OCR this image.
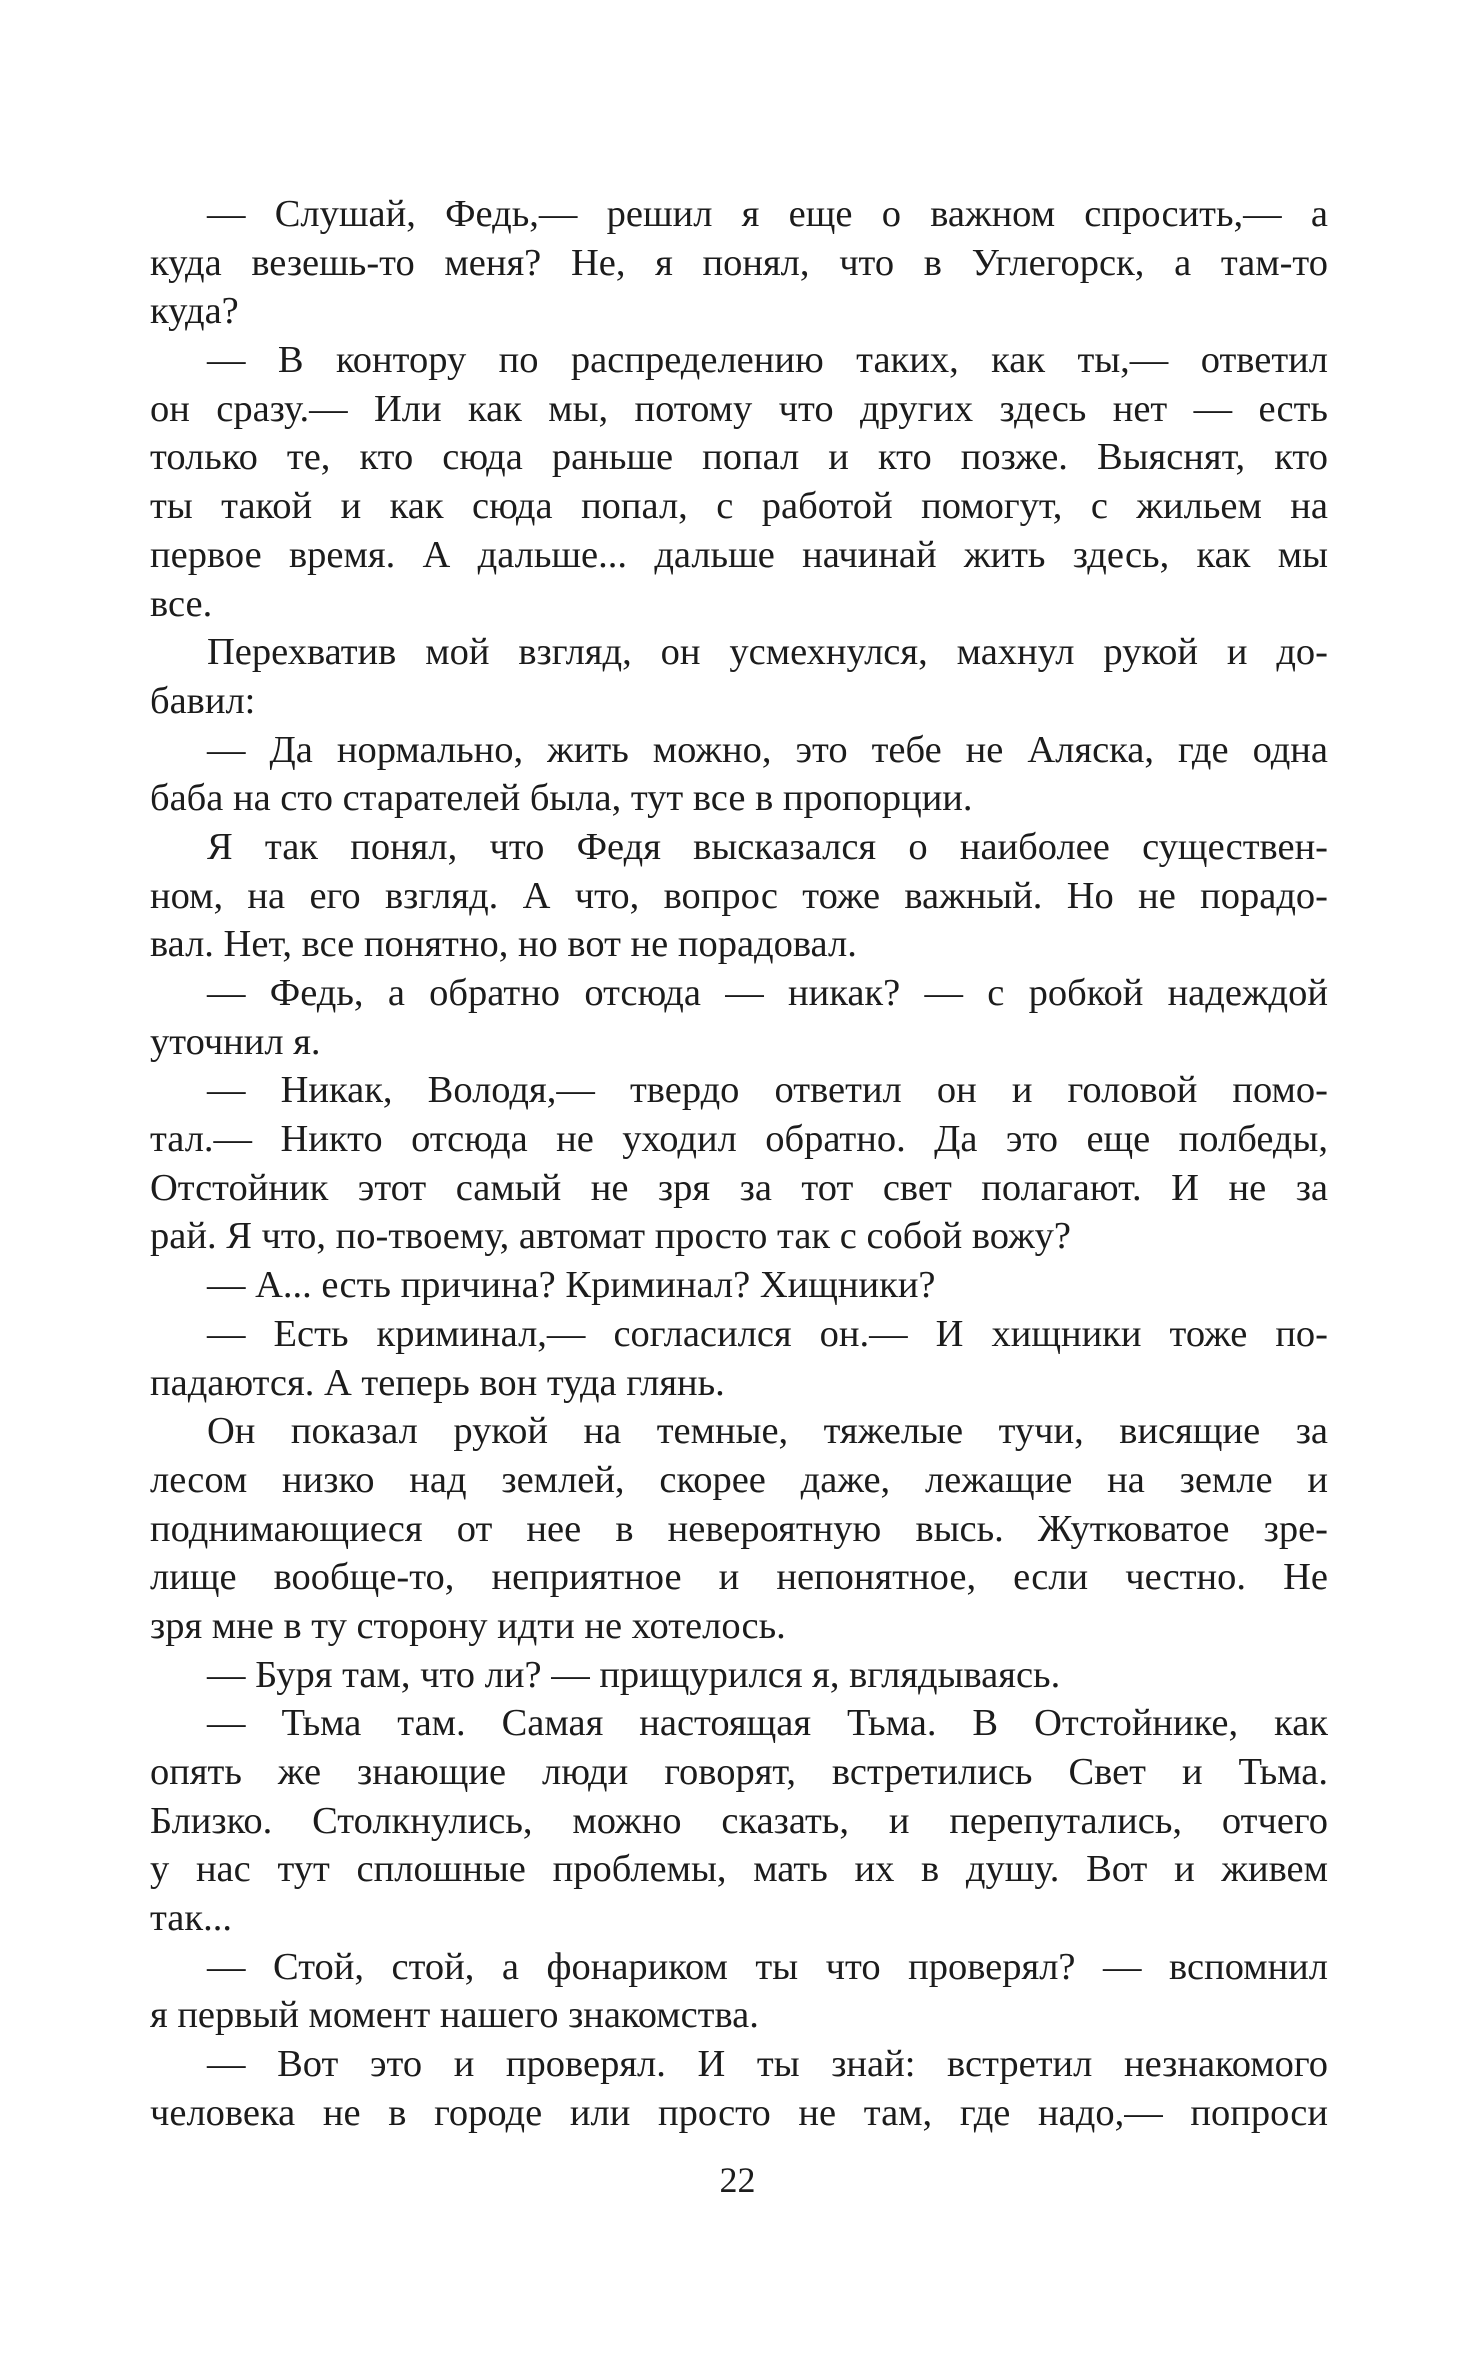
— Слушай, Федь,— решил я еще о важном спросить,— а
куда везешь-то меня? Не, я понял, что в Углегорск, а там-то
куда?
— В контору по распределению таких, как ты,— ответил
он сразу.— Или как мы, потому что других здесь нет — есть
только те, кто сюда раньше попал и кто позже. Выяснят, кто
ты такой и как сюда попал, с работой помогут, с жильем на
первое время. А дальше... дальше начинай жить здесь, как мы
все.
Перехватив мой взгляд, он усмехнулся, махнул рукой и до-
бавил:
— Да нормально, жить можно, это тебе не Аляска, где одна
баба на сто старателей была, тут все в пропорции.
Я так понял, что Федя высказался о наиболее существен-
ном, на его взгляд. А что, вопрос тоже важный. Но не порадо-
вал. Нет, все понятно, но вот не порадовал.
— Федь, а обратно отсюда — никак? — с робкой надеждой
уточнил я.
— Никак, Володя,— твердо ответил он и головой помо-
тал.— Никто отсюда не уходил обратно. Да это еще полбеды,
Отстойник этот самый не зря за тот свет полагают. И не за
рай. Я что, по-твоему, автомат просто так с собой вожу?
— А... есть причина? Криминал? Хищники?
— Есть криминал,— согласился он.— И хищники тоже по-
падаются. А теперь вон туда глянь.
Он показал рукой на темные, тяжелые тучи, висящие за
лесом низко над землей, скорее даже, лежащие на земле и
поднимающиеся от нее в невероятную высь. Жутковатое зре-
лище вообще-то, неприятное и непонятное, если честно. Не
зря мне в ту сторону идти не хотелось.
— Буря там, что ли? — прищурился я, вглядываясь.
— Тьма там. Самая настоящая Тьма. В Отстойнике, как
опять же знающие люди говорят, встретились Свет и Тьма.
Близко. Столкнулись, можно сказать, и перепутались, отчего
у нас тут сплошные проблемы, мать их в душу. Вот и живем
так...
— Стой, стой, а фонариком ты что проверял? — вспомнил
я первый момент нашего знакомства.
— Вот это и проверял. И ты знай: встретил незнакомого
человека не в городе или просто не там, где надо,— попроси
22
